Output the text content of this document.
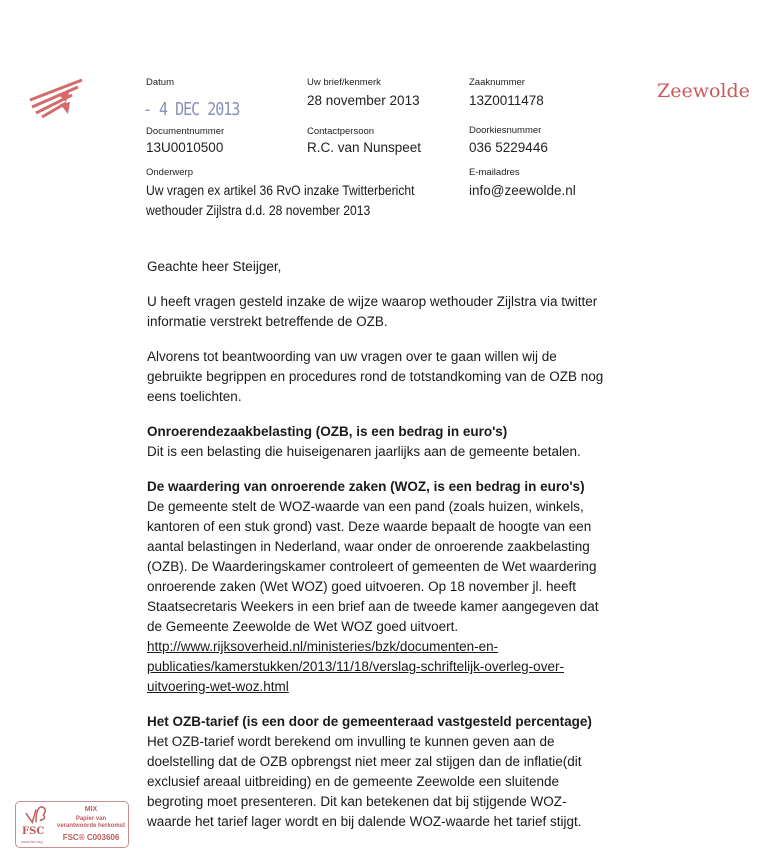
Zeewolde
Datum
- 4 DEC 2013
Uw brief/kenmerk
28 november 2013
Zaaknummer
13Z0011478
Documentnummer
13U0010500
Contactpersoon
R.C. van Nunspeet
Doorkiesnummer
036 5229446
Onderwerp
Uw vragen ex artikel 36 RvO inzake Twitterbericht
wethouder Zijlstra d.d. 28 november 2013
E-mailadres
info@zeewolde.nl
Geachte heer Steijger,
U heeft vragen gesteld inzake de wijze waarop wethouder Zijlstra via twitter
informatie verstrekt betreffende de OZB.
Alvorens tot beantwoording van uw vragen over te gaan willen wij de
gebruikte begrippen en procedures rond de totstandkoming van de OZB nog
eens toelichten.
Onroerendezaakbelasting (OZB, is een bedrag in euro's)
Dit is een belasting die huiseigenaren jaarlijks aan de gemeente betalen.
De waardering van onroerende zaken (WOZ, is een bedrag in euro's)
De gemeente stelt de WOZ-waarde van een pand (zoals huizen, winkels,
kantoren of een stuk grond) vast. Deze waarde bepaalt de hoogte van een
aantal belastingen in Nederland, waar onder de onroerende zaakbelasting
(OZB). De Waarderingskamer controleert of gemeenten de Wet waardering
onroerende zaken (Wet WOZ) goed uitvoeren. Op 18 november jl. heeft
Staatsecretaris Weekers in een brief aan de tweede kamer aangegeven dat
de Gemeente Zeewolde de Wet WOZ goed uitvoert.
http://www.rijksoverheid.nl/ministeries/bzk/documenten-en-
publicaties/kamerstukken/2013/11/18/verslag-schriftelijk-overleg-over-
uitvoering-wet-woz.html
Het OZB-tarief (is een door de gemeenteraad vastgesteld percentage)
Het OZB-tarief wordt berekend om invulling te kunnen geven aan de
doelstelling dat de OZB opbrengst niet meer zal stijgen dan de inflatie(dit
exclusief areaal uitbreiding) en de gemeente Zeewolde een sluitende
begroting moet presenteren. Dit kan betekenen dat bij stijgende WOZ-
waarde het tarief lager wordt en bij dalende WOZ-waarde het tarief stijgt.
FSC
www.fsc.org
MIX
Papier van
verantwoorde herkomst
FSC® C003606
